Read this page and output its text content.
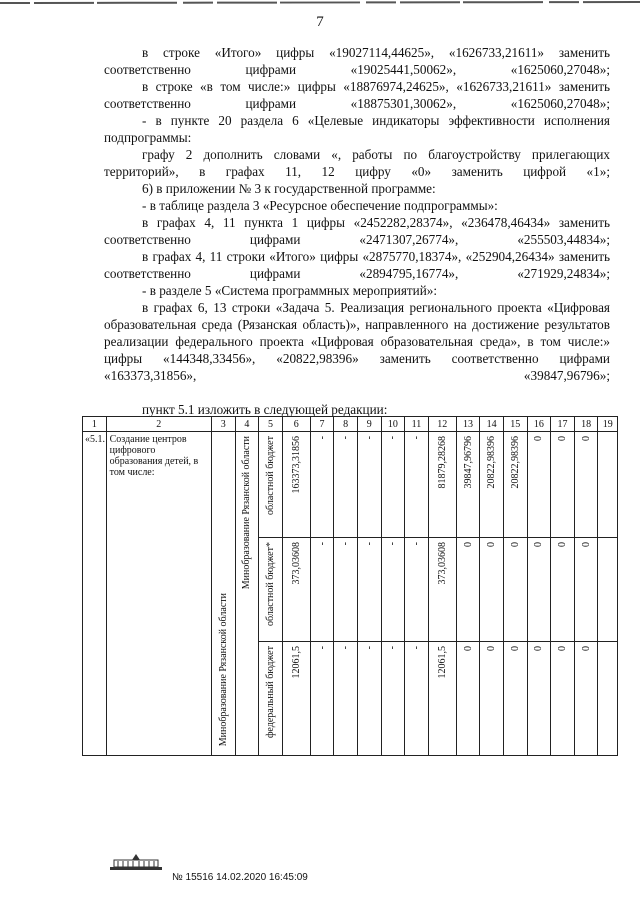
7

в строке «Итого» цифры «19027114,44625», «1626733,21611» заменить соответственно цифрами «19025441,50062», «1625060,27048»;

в строке «в том числе:» цифры «18876974,24625», «1626733,21611» заменить соответственно цифрами «18875301,30062», «1625060,27048»;

- в пункте 20 раздела 6 «Целевые индикаторы эффективности исполнения подпрограммы:

графу 2 дополнить словами «, работы по благоустройству прилегающих территорий», в графах 11, 12 цифру «0» заменить цифрой «1»;

6) в приложении № 3 к государственной программе:

- в таблице раздела 3 «Ресурсное обеспечение подпрограммы»:

в графах 4, 11 пункта 1 цифры «2452282,28374», «236478,46434» заменить соответственно цифрами «2471307,26774», «255503,44834»;

в графах 4, 11 строки «Итого» цифры «2875770,18374», «252904,26434» заменить соответственно цифрами «2894795,16774», «271929,24834»;

- в разделе 5 «Система программных мероприятий»:

в графах 6, 13 строки «Задача 5. Реализация регионального проекта «Цифровая образовательная среда (Рязанская область)», направленного на достижение результатов реализации федерального проекта «Цифровая образовательная среда», в том числе:» цифры «144348,33456», «20822,98396» заменить соответственно цифрами «163373,31856», «39847,96796»;

пункт 5.1 изложить в следующей редакции:
1	2	3	4	5	6	7	8	9	10	11	12	13	14	15	16	17	18	19
«5.1.	Создание центров цифрового образования детей, в том числе:	Минобразование Рязанской области	Минобразование Рязанской области	областной бюджет	163373,31856	-	-	-	-	-	81879,28268	39847,96796	20822,98396	20822,98396	0	0	0	

				областной бюджет*	373,03608	-	-	-	-	-	373,03608	0	0	0	0	0	0	

				федеральный бюджет	12061,5	-	-	-	-	-	12061,5	0	0	0	0	0	0	

№ 15516 14.02.2020 16:45:09
